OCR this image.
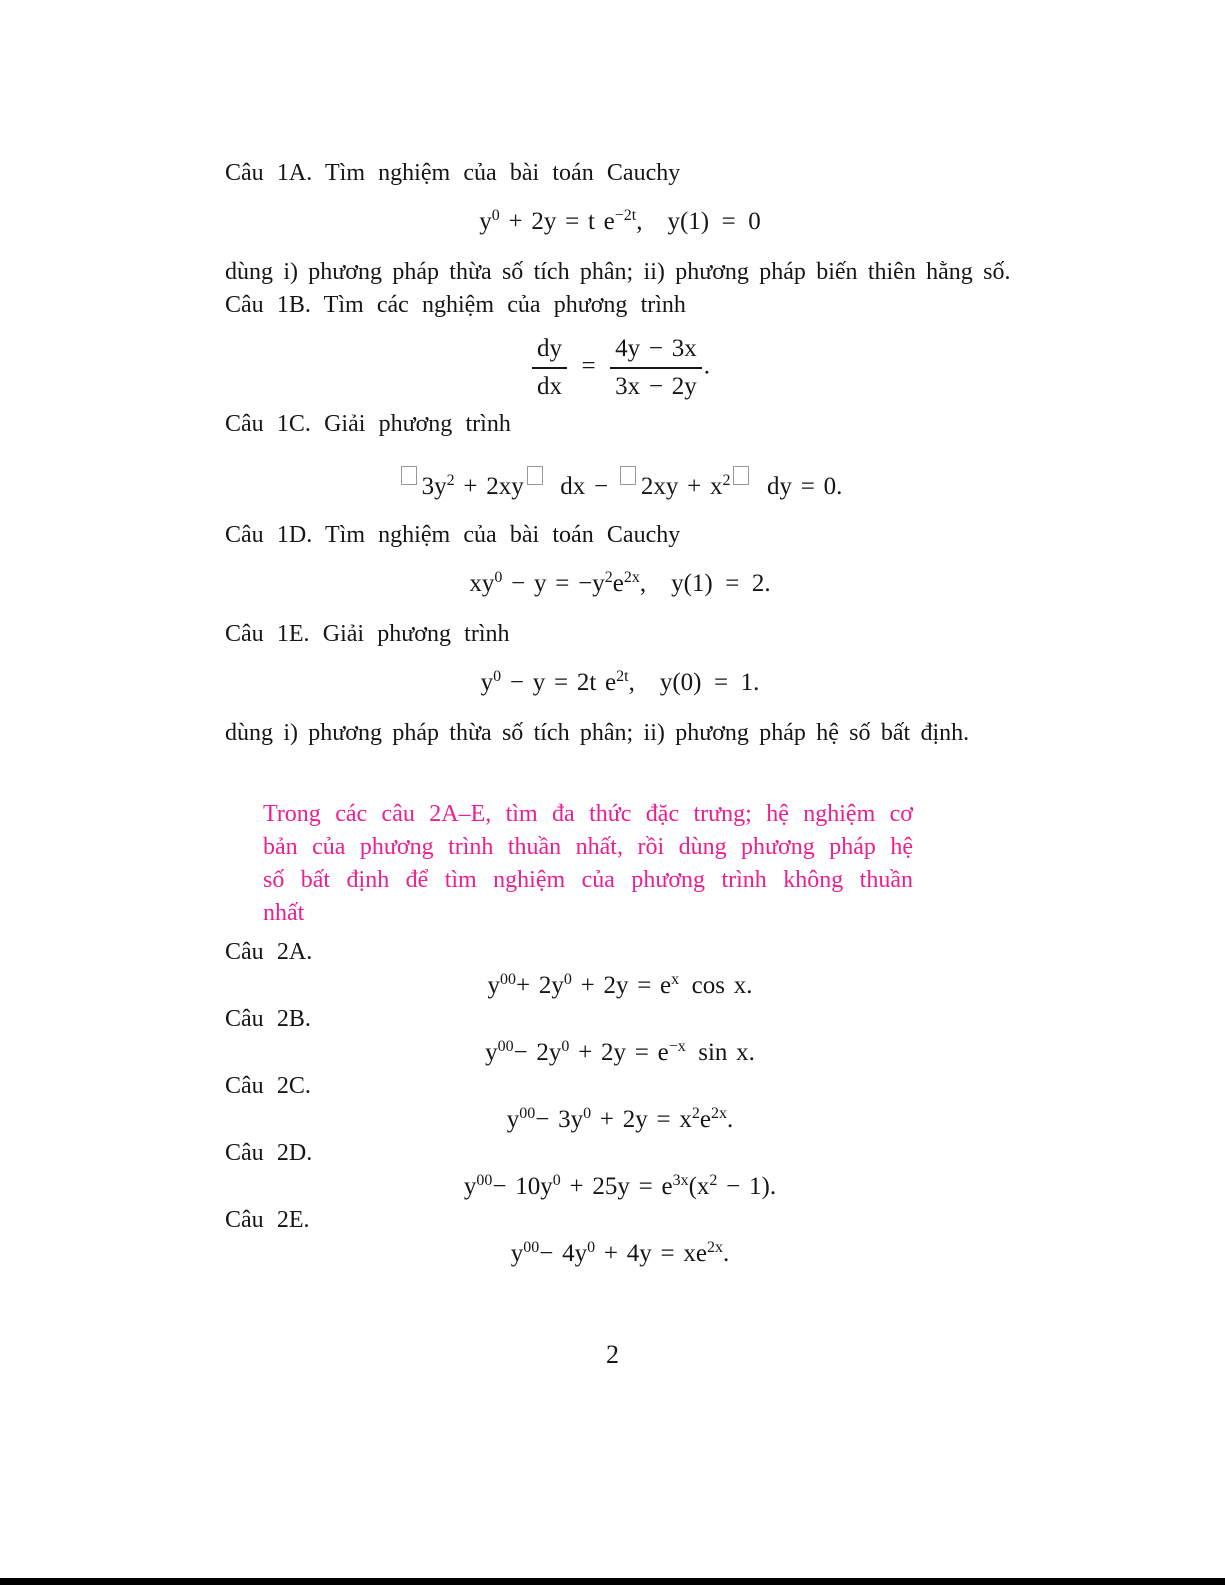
Câu 1A. Tìm nghiệm của bài toán Cauchy

$y^0 + 2y = t$ $e^{-2t}$, y(1) = 0

dùng i) phương pháp thừa số tích phân; ii) phương pháp biến thiên hằng số.

Câu 1B. Tìm các nghiệm của phương trình

$\frac{dy}{dx}$  =  $\frac{4y - 3x}{3x - 2y}$ .

Câu 1C. Giải phương trình

$3y^2 + 2xy$ dx − $2xy + x^2$ dy = 0.

Câu 1D. Tìm nghiệm của bài toán Cauchy

$xy^0 - y = -y^2e^{2x}$, y(1) = 2.

Câu 1E. Giải phương trình

$y^0 - y = 2t$ $e^{2t}$, y(0) = 1.

dùng i) phương pháp thừa số tích phân; ii) phương pháp hệ số bất định.

Trong các câu 2A–E, tìm đa thức đặc trưng; hệ nghiệm cơ bản của phương trình thuần nhất, rồi dùng phương pháp hệ số bất định để tìm nghiệm của phương trình không thuần nhất

Câu 2A.

$y^{00}+ 2y^0 + 2y = e^x$ cos x.

Câu 2B.

$y^{00}- 2y^0 + 2y = e^{-x}$ sin x.

Câu 2C.

$y^{00}- 3y^0 + 2y = x^2e^{2x}$.

Câu 2D.

$y^{00}- 10y^0 + 25y = e^{3x}(x^2 - 1)$.

Câu 2E.

$y^{00}- 4y^0 + 4y = xe^{2x}$.
2
